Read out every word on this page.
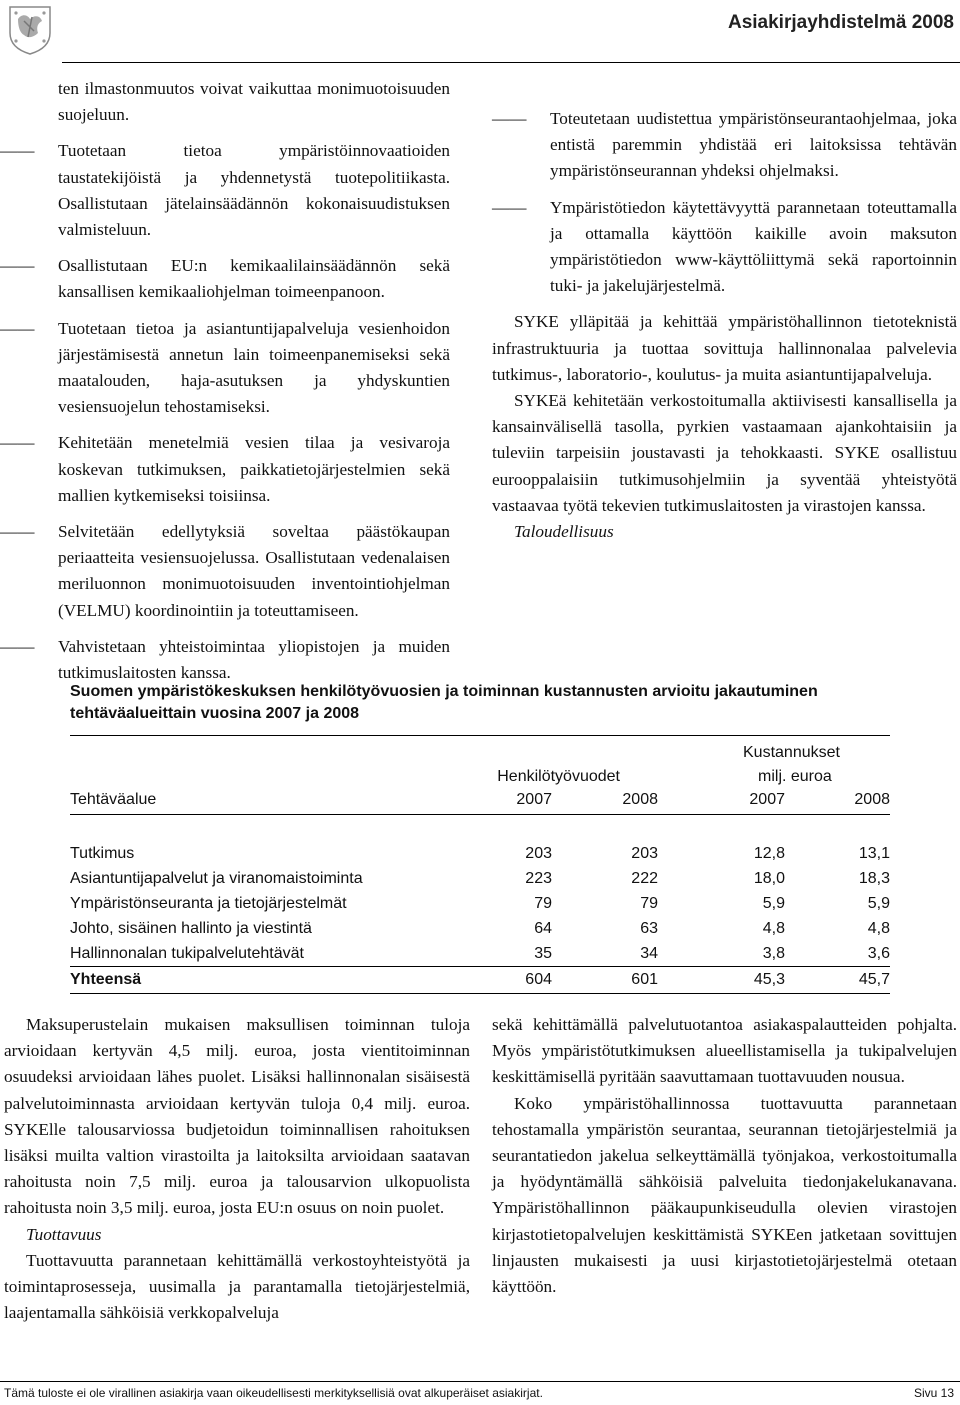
Asiakirjayhdistelmä 2008
ten ilmastonmuutos voivat vaikuttaa monimuotoisuuden suojeluun.
—— Tuotetaan tietoa ympäristöinnovaatioiden taustatekijöistä ja yhdennetystä tuotepolitiikasta. Osallistutaan jätelainsäädännön kokonaisuudistuksen valmisteluun.
—— Osallistutaan EU:n kemikaalilainsäädännön sekä kansallisen kemikaaliohjelman toimeenpanoon.
—— Tuotetaan tietoa ja asiantuntijapalveluja vesienhoidon järjestämisestä annetun lain toimeenpanemiseksi sekä maatalouden, haja-asutuksen ja yhdyskuntien vesiensuojelun tehostamiseksi.
—— Kehitetään menetelmiä vesien tilaa ja vesivaroja koskevan tutkimuksen, paikkatietojärjestelmien sekä mallien kytkemiseksi toisiinsa.
—— Selvitetään edellytyksiä soveltaa päästökaupan periaatteita vesiensuojelussa. Osallistutaan vedenalaisen meriluonnon monimuotoisuuden inventointiohjelman (VELMU) koordinointiin ja toteuttamiseen.
—— Vahvistetaan yhteistoimintaa yliopistojen ja muiden tutkimuslaitosten kanssa.
—— Toteutetaan uudistettua ympäristönseurantaohjelmaa, joka entistä paremmin yhdistää eri laitoksissa tehtävän ympäristönseurannan yhdeksi ohjelmaksi.
—— Ympäristötiedon käytettävyyttä parannetaan toteuttamalla ja ottamalla käyttöön kaikille avoin maksuton ympäristötiedon www-käyttöliittymä sekä raportoinnin tuki- ja jakelujärjestelmä.

SYKE ylläpitää ja kehittää ympäristöhallinnon tietoteknistä infrastruktuuria ja tuottaa sovittuja hallinnonalaa palvelevia tutkimus-, laboratorio-, koulutus- ja muita asiantuntijapalveluja.

SYKEä kehitetään verkostoitumalla aktiivisesti kansallisella ja kansainvälisellä tasolla, pyrkien vastaamaan ajankohtaisiin ja tuleviin tarpeisiin joustavasti ja tehokkaasti. SYKE osallistuu eurooppalaisiin tutkimusohjelmiin ja syventää yhteistyötä vastaavaa työtä tekevien tutkimuslaitosten ja virastojen kanssa.

Taloudellisuus

Suomen ympäristökeskuksen henkilötyövuosien ja toiminnan kustannusten arvioitu jakautuminen tehtäväalueittain vuosina 2007 ja 2008
			Kustannukset	
	Henkilötyövuodet		milj. euroa	
Tehtäväalue	2007	2008	2007	2008

Tutkimus	203	203	12,8	13,1
Asiantuntijapalvelut ja viranomaistoiminta	223	222	18,0	18,3
Ympäristönseuranta ja tietojärjestelmät	79	79	5,9	5,9
Johto, sisäinen hallinto ja viestintä	64	63	4,8	4,8
Hallinnonalan tukipalvelutehtävät	35	34	3,8	3,6
Yhteensä	604	601	45,3	45,7

Maksuperustelain mukaisen maksullisen toiminnan tuloja arvioidaan kertyvän 4,5 milj. euroa, josta vientitoiminnan osuudeksi arvioidaan lähes puolet. Lisäksi hallinnonalan sisäisestä palvelutoiminnasta arvioidaan kertyvän tuloja 0,4 milj. euroa. SYKElle talousarviossa budjetoidun toiminnallisen rahoituksen lisäksi muilta valtion virastoilta ja laitoksilta arvioidaan saatavan rahoitusta noin 7,5 milj. euroa ja talousarvion ulkopuolista rahoitusta noin 3,5 milj. euroa, josta EU:n osuus on noin puolet.

Tuottavuus

Tuottavuutta parannetaan kehittämällä verkostoyhteistyötä ja toimintaprosesseja, uusimalla ja parantamalla tietojärjestelmiä, laajentamalla sähköisiä verkkopalveluja

sekä kehittämällä palvelutuotantoa asiakaspalautteiden pohjalta. Myös ympäristötutkimuksen alueellistamisella ja tukipalvelujen keskittämisellä pyritään saavuttamaan tuottavuuden nousua.

Koko ympäristöhallinnossa tuottavuutta parannetaan tehostamalla ympäristön seurantaa, seurannan tietojärjestelmiä ja seurantatiedon jakelua selkeyttämällä työnjakoa, verkostoitumalla ja hyödyntämällä sähköisiä palveluita tiedonjakelukanavana. Ympäristöhallinnon pääkaupunkiseudulla olevien virastojen kirjastotietopalvelujen keskittämistä SYKEen jatketaan sovittujen linjausten mukaisesti ja uusi kirjastotietojärjestelmä otetaan käyttöön.

Tämä tuloste ei ole virallinen asiakirja vaan oikeudellisesti merkityksellisiä ovat alkuperäiset asiakirjat.	Sivu 13
